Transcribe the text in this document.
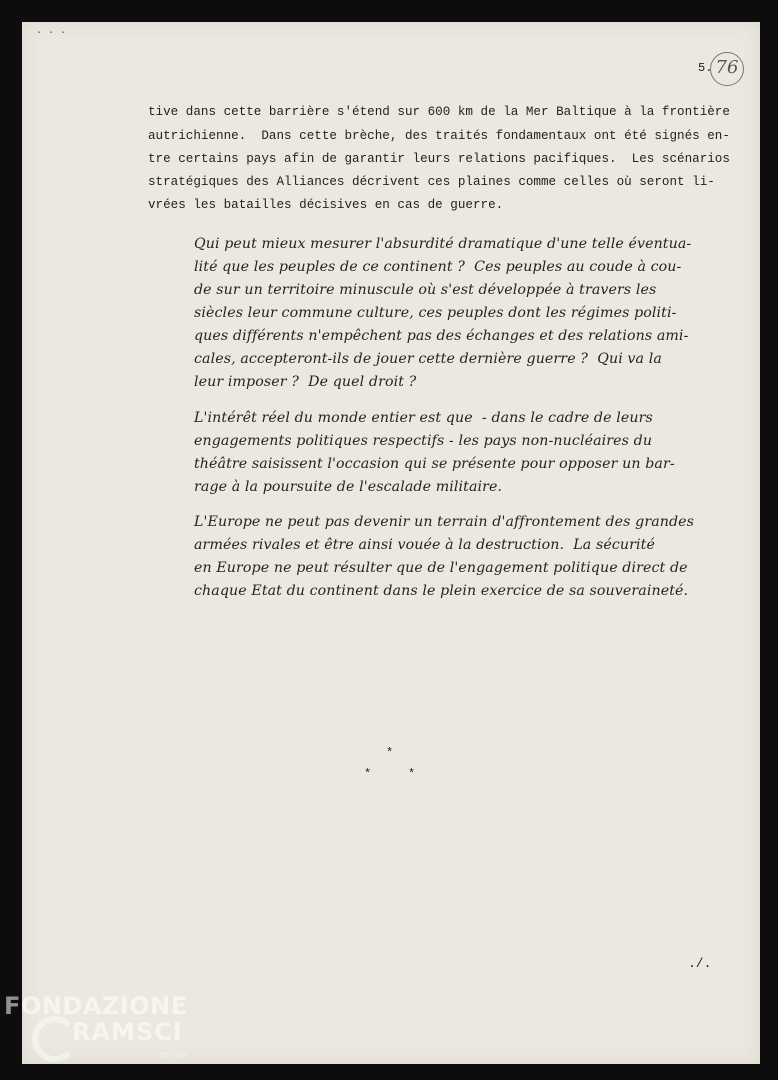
· · ·
5. 76
tive dans cette barrière s'étend sur 600 km de la Mer Baltique à la frontière
autrichienne.  Dans cette brèche, des traités fondamentaux ont été signés en-
tre certains pays afin de garantir leurs relations pacifiques.  Les scénarios
stratégiques des Alliances décrivent ces plaines comme celles où seront li-
vrées les batailles décisives en cas de guerre.
Qui peut mieux mesurer l'absurdité dramatique d'une telle éventua-
lité que les peuples de ce continent ?  Ces peuples au coude à cou-
de sur un territoire minuscule où s'est développée à travers les
siècles leur commune culture, ces peuples dont les régimes politi-
ques différents n'empêchent pas des échanges et des relations ami-
cales, accepteront-ils de jouer cette dernière guerre ?  Qui va la
leur imposer ?  De quel droit ?
L'intérêt réel du monde entier est que  - dans le cadre de leurs
engagements politiques respectifs - les pays non-nucléaires du
théâtre saisissent l'occasion qui se présente pour opposer un bar-
rage à la poursuite de l'escalade militaire.
L'Europe ne peut pas devenir un terrain d'affrontement des grandes
armées rivales et être ainsi vouée à la destruction.  La sécurité
en Europe ne peut résulter que de l'engagement politique direct de
chaque Etat du continent dans le plein exercice de sa souveraineté.
*
*	*
./.
FONDAZIONE
RAMSCI
onlus
